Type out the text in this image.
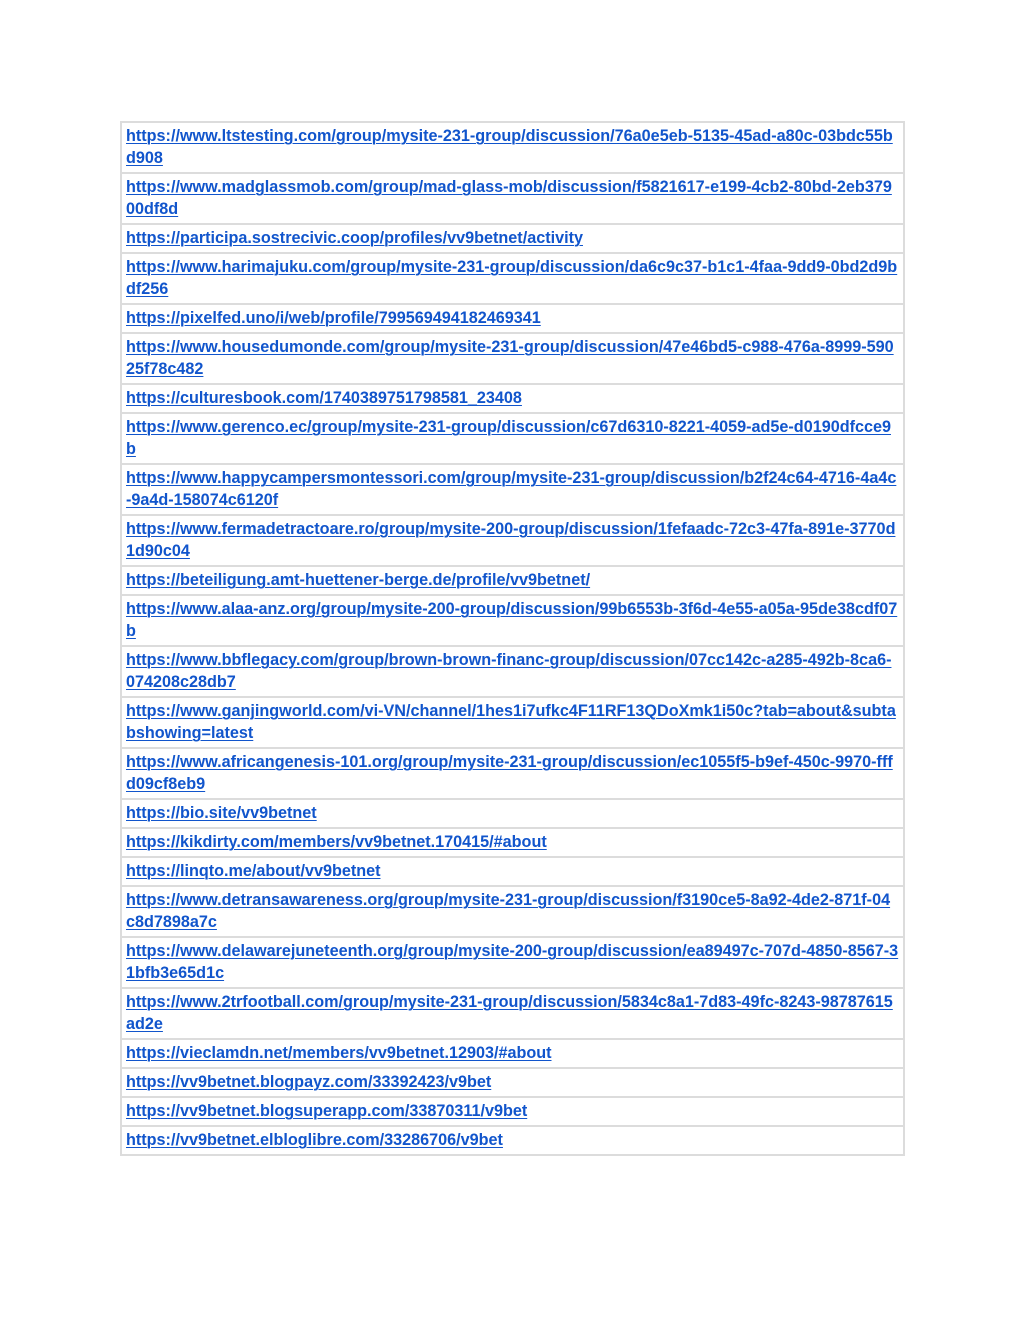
https://www.ltstesting.com/group/mysite-231-group/discussion/76a0e5eb-5135-45ad-a80c-03bdc55bd908
https://www.madglassmob.com/group/mad-glass-mob/discussion/f5821617-e199-4cb2-80bd-2eb37900df8d
https://participa.sostrecivic.coop/profiles/vv9betnet/activity
https://www.harimajuku.com/group/mysite-231-group/discussion/da6c9c37-b1c1-4faa-9dd9-0bd2d9bdf256
https://pixelfed.uno/i/web/profile/799569494182469341
https://www.housedumonde.com/group/mysite-231-group/discussion/47e46bd5-c988-476a-8999-59025f78c482
https://culturesbook.com/1740389751798581_23408
https://www.gerenco.ec/group/mysite-231-group/discussion/c67d6310-8221-4059-ad5e-d0190dfcce9b
https://www.happycampersmontessori.com/group/mysite-231-group/discussion/b2f24c64-4716-4a4c-9a4d-158074c6120f
https://www.fermadetractoare.ro/group/mysite-200-group/discussion/1fefaadc-72c3-47fa-891e-3770d1d90c04
https://beteiligung.amt-huettener-berge.de/profile/vv9betnet/
https://www.alaa-anz.org/group/mysite-200-group/discussion/99b6553b-3f6d-4e55-a05a-95de38cdf07b
https://www.bbflegacy.com/group/brown-brown-financ-group/discussion/07cc142c-a285-492b-8ca6-074208c28db7
https://www.ganjingworld.com/vi-VN/channel/1hes1i7ufkc4F11RF13QDoXmk1i50c?tab=about&subtabshowing=latest
https://www.africangenesis-101.org/group/mysite-231-group/discussion/ec1055f5-b9ef-450c-9970-fffd09cf8eb9
https://bio.site/vv9betnet
https://kikdirty.com/members/vv9betnet.170415/#about
https://linqto.me/about/vv9betnet
https://www.detransawareness.org/group/mysite-231-group/discussion/f3190ce5-8a92-4de2-871f-04c8d7898a7c
https://www.delawarejuneteenth.org/group/mysite-200-group/discussion/ea89497c-707d-4850-8567-31bfb3e65d1c
https://www.2trfootball.com/group/mysite-231-group/discussion/5834c8a1-7d83-49fc-8243-98787615ad2e
https://vieclamdn.net/members/vv9betnet.12903/#about
https://vv9betnet.blogpayz.com/33392423/v9bet
https://vv9betnet.blogsuperapp.com/33870311/v9bet
https://vv9betnet.elbloglibre.com/33286706/v9bet
